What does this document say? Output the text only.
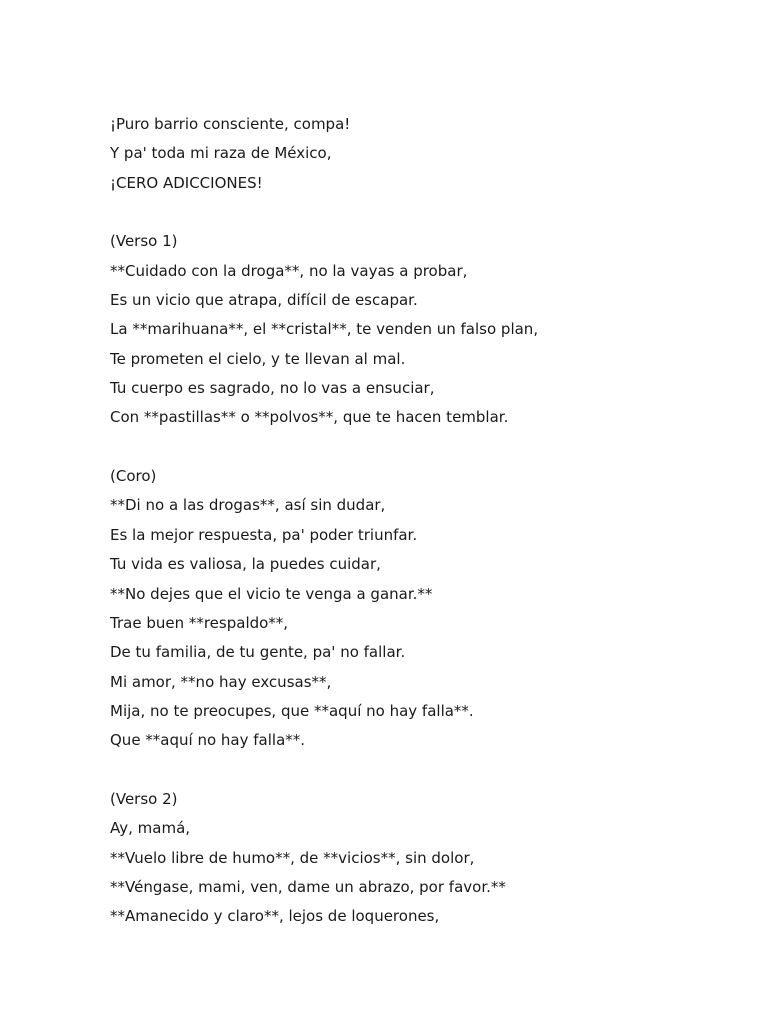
¡Puro barrio consciente, compa!
Y pa' toda mi raza de México,
¡CERO ADICCIONES!
(Verso 1)
**Cuidado con la droga**, no la vayas a probar,
Es un vicio que atrapa, difícil de escapar.
La **marihuana**, el **cristal**, te venden un falso plan,
Te prometen el cielo, y te llevan al mal.
Tu cuerpo es sagrado, no lo vas a ensuciar,
Con **pastillas** o **polvos**, que te hacen temblar.
(Coro)
**Di no a las drogas**, así sin dudar,
Es la mejor respuesta, pa' poder triunfar.
Tu vida es valiosa, la puedes cuidar,
**No dejes que el vicio te venga a ganar.**
Trae buen **respaldo**,
De tu familia, de tu gente, pa' no fallar.
Mi amor, **no hay excusas**,
Mija, no te preocupes, que **aquí no hay falla**.
Que **aquí no hay falla**.
(Verso 2)
Ay, mamá,
**Vuelo libre de humo**, de **vicios**, sin dolor,
**Véngase, mami, ven, dame un abrazo, por favor.**
**Amanecido y claro**, lejos de loquerones,
